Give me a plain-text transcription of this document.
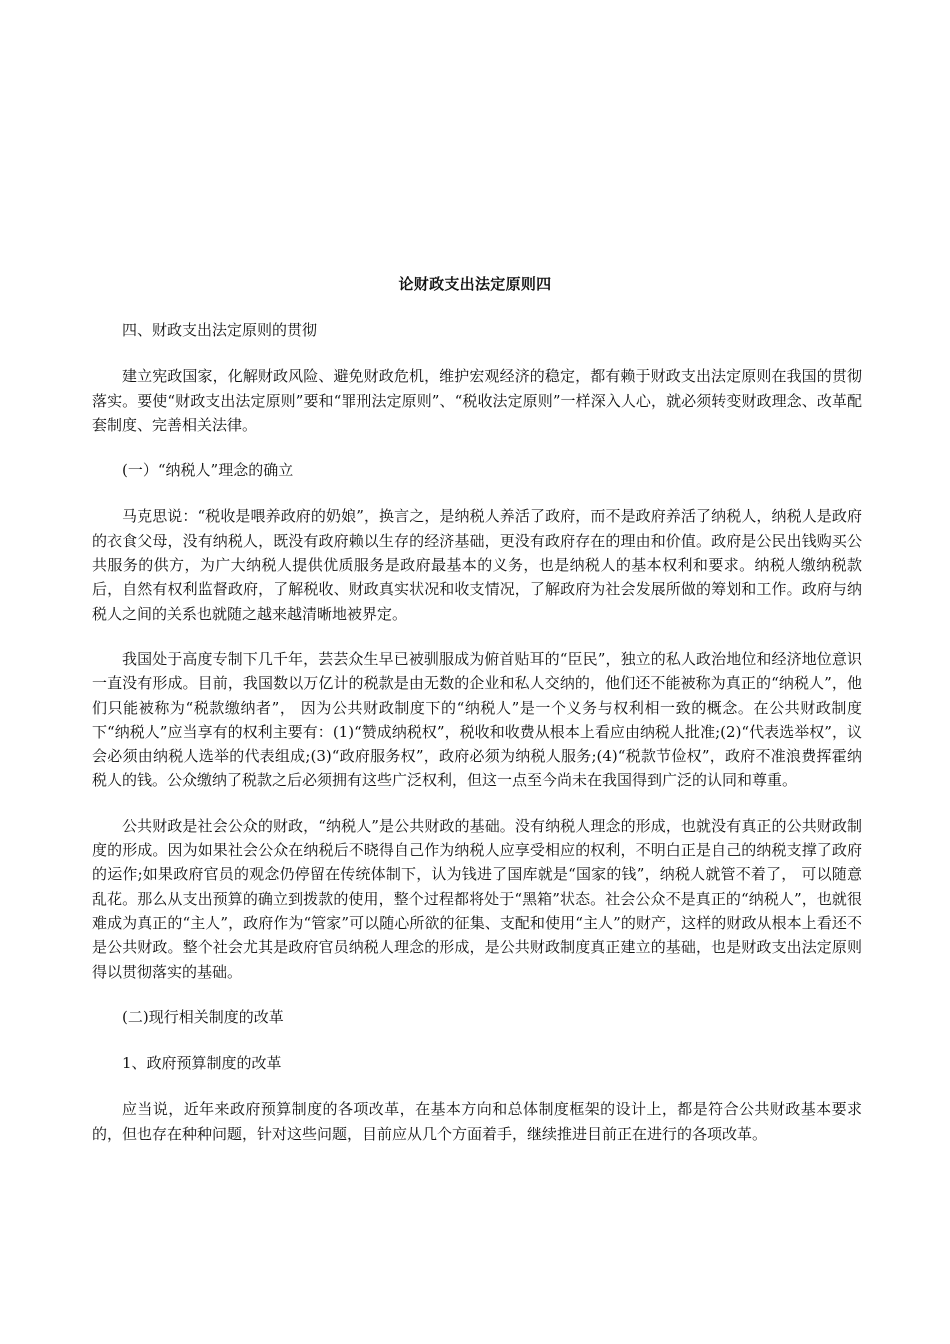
论财政支出法定原则四

四、财政支出法定原则的贯彻

建立宪政国家，化解财政风险、避免财政危机，维护宏观经济的稳定，都有赖于财政支出法定原则在我国的贯彻落实。要使“财政支出法定原则”要和“罪刑法定原则”、“税收法定原则”一样深入人心，就必须转变财政理念、改革配套制度、完善相关法律。

(一）“纳税人”理念的确立

马克思说：“税收是喂养政府的奶娘”，换言之，是纳税人养活了政府，而不是政府养活了纳税人，纳税人是政府的衣食父母，没有纳税人，既没有政府赖以生存的经济基础，更没有政府存在的理由和价值。政府是公民出钱购买公共服务的供方，为广大纳税人提供优质服务是政府最基本的义务，也是纳税人的基本权利和要求。纳税人缴纳税款后，自然有权利监督政府，了解税收、财政真实状况和收支情况，了解政府为社会发展所做的筹划和工作。政府与纳税人之间的关系也就随之越来越清晰地被界定。

我国处于高度专制下几千年，芸芸众生早已被驯服成为俯首贴耳的“臣民”，独立的私人政治地位和经济地位意识一直没有形成。目前，我国数以万亿计的税款是由无数的企业和私人交纳的，他们还不能被称为真正的“纳税人”，他们只能被称为“税款缴纳者”， 因为公共财政制度下的“纳税人”是一个义务与权利相一致的概念。在公共财政制度下“纳税人”应当享有的权利主要有：(1)“赞成纳税权”，税收和收费从根本上看应由纳税人批准;(2)“代表选举权”，议会必须由纳税人选举的代表组成;(3)“政府服务权”，政府必须为纳税人服务;(4)“税款节俭权”，政府不准浪费挥霍纳税人的钱。公众缴纳了税款之后必须拥有这些广泛权利，但这一点至今尚未在我国得到广泛的认同和尊重。

公共财政是社会公众的财政，“纳税人”是公共财政的基础。没有纳税人理念的形成，也就没有真正的公共财政制度的形成。因为如果社会公众在纳税后不晓得自己作为纳税人应享受相应的权利，不明白正是自己的纳税支撑了政府的运作;如果政府官员的观念仍停留在传统体制下，认为钱进了国库就是“国家的钱”，纳税人就管不着了， 可以随意乱花。那么从支出预算的确立到拨款的使用，整个过程都将处于“黑箱”状态。社会公众不是真正的“纳税人”，也就很难成为真正的“主人”，政府作为“管家”可以随心所欲的征集、支配和使用“主人”的财产，这样的财政从根本上看还不是公共财政。整个社会尤其是政府官员纳税人理念的形成，是公共财政制度真正建立的基础，也是财政支出法定原则得以贯彻落实的基础。

(二)现行相关制度的改革

1、政府预算制度的改革

应当说，近年来政府预算制度的各项改革，在基本方向和总体制度框架的设计上，都是符合公共财政基本要求的，但也存在种种问题，针对这些问题，目前应从几个方面着手，继续推进目前正在进行的各项改革。
